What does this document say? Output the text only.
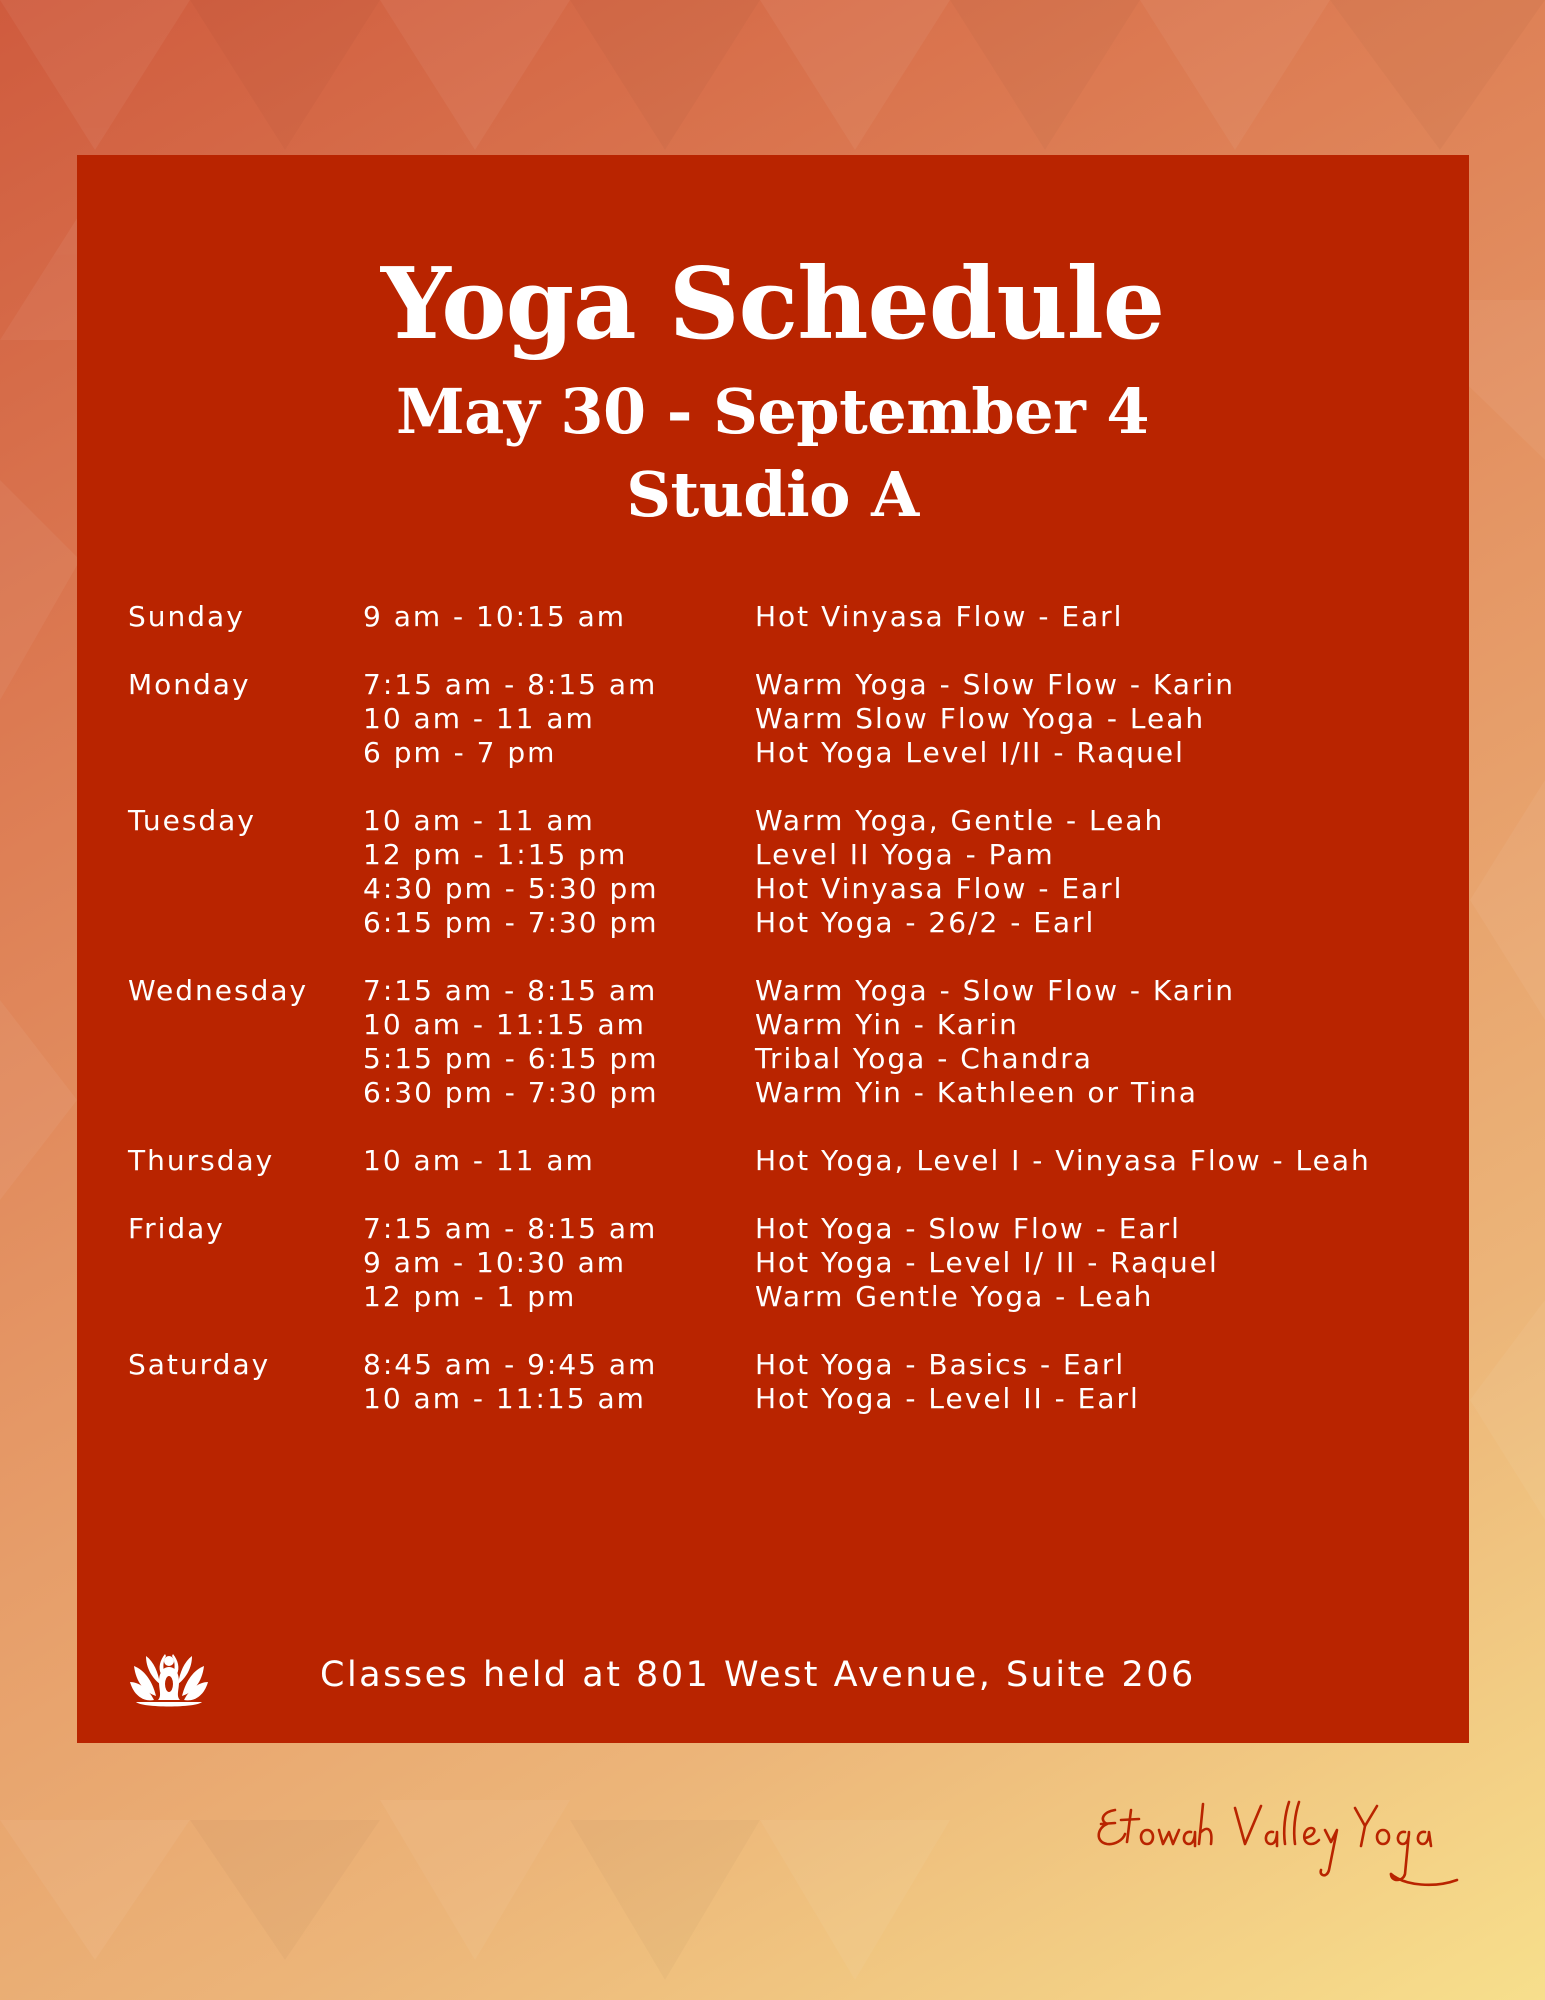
Yoga Schedule
May 30 - September 4
Studio A
Sunday	9 am - 10:15 am	Hot Vinyasa Flow - Earl
Monday	7:15 am - 8:15 am	Warm Yoga - Slow Flow - Karin
10 am - 11 am	Warm Slow Flow Yoga - Leah
6 pm - 7 pm	Hot Yoga Level I/II - Raquel
Tuesday	10 am - 11 am	Warm Yoga, Gentle - Leah
12 pm - 1:15 pm	Level II Yoga - Pam
4:30 pm - 5:30 pm	Hot Vinyasa Flow - Earl
6:15 pm - 7:30 pm	Hot Yoga - 26/2 - Earl
Wednesday	7:15 am - 8:15 am	Warm Yoga - Slow Flow - Karin
10 am - 11:15 am	Warm Yin - Karin
5:15 pm - 6:15 pm	Tribal Yoga - Chandra
6:30 pm - 7:30 pm	Warm Yin - Kathleen or Tina
Thursday	10 am - 11 am	Hot Yoga, Level I - Vinyasa Flow - Leah
Friday	7:15 am - 8:15 am	Hot Yoga - Slow Flow - Earl
9 am - 10:30 am	Hot Yoga - Level I/ II - Raquel
12 pm - 1 pm	Warm Gentle Yoga - Leah
Saturday	8:45 am - 9:45 am	Hot Yoga - Basics - Earl
10 am - 11:15 am	Hot Yoga - Level II - Earl
Classes held at 801 West Avenue, Suite 206
